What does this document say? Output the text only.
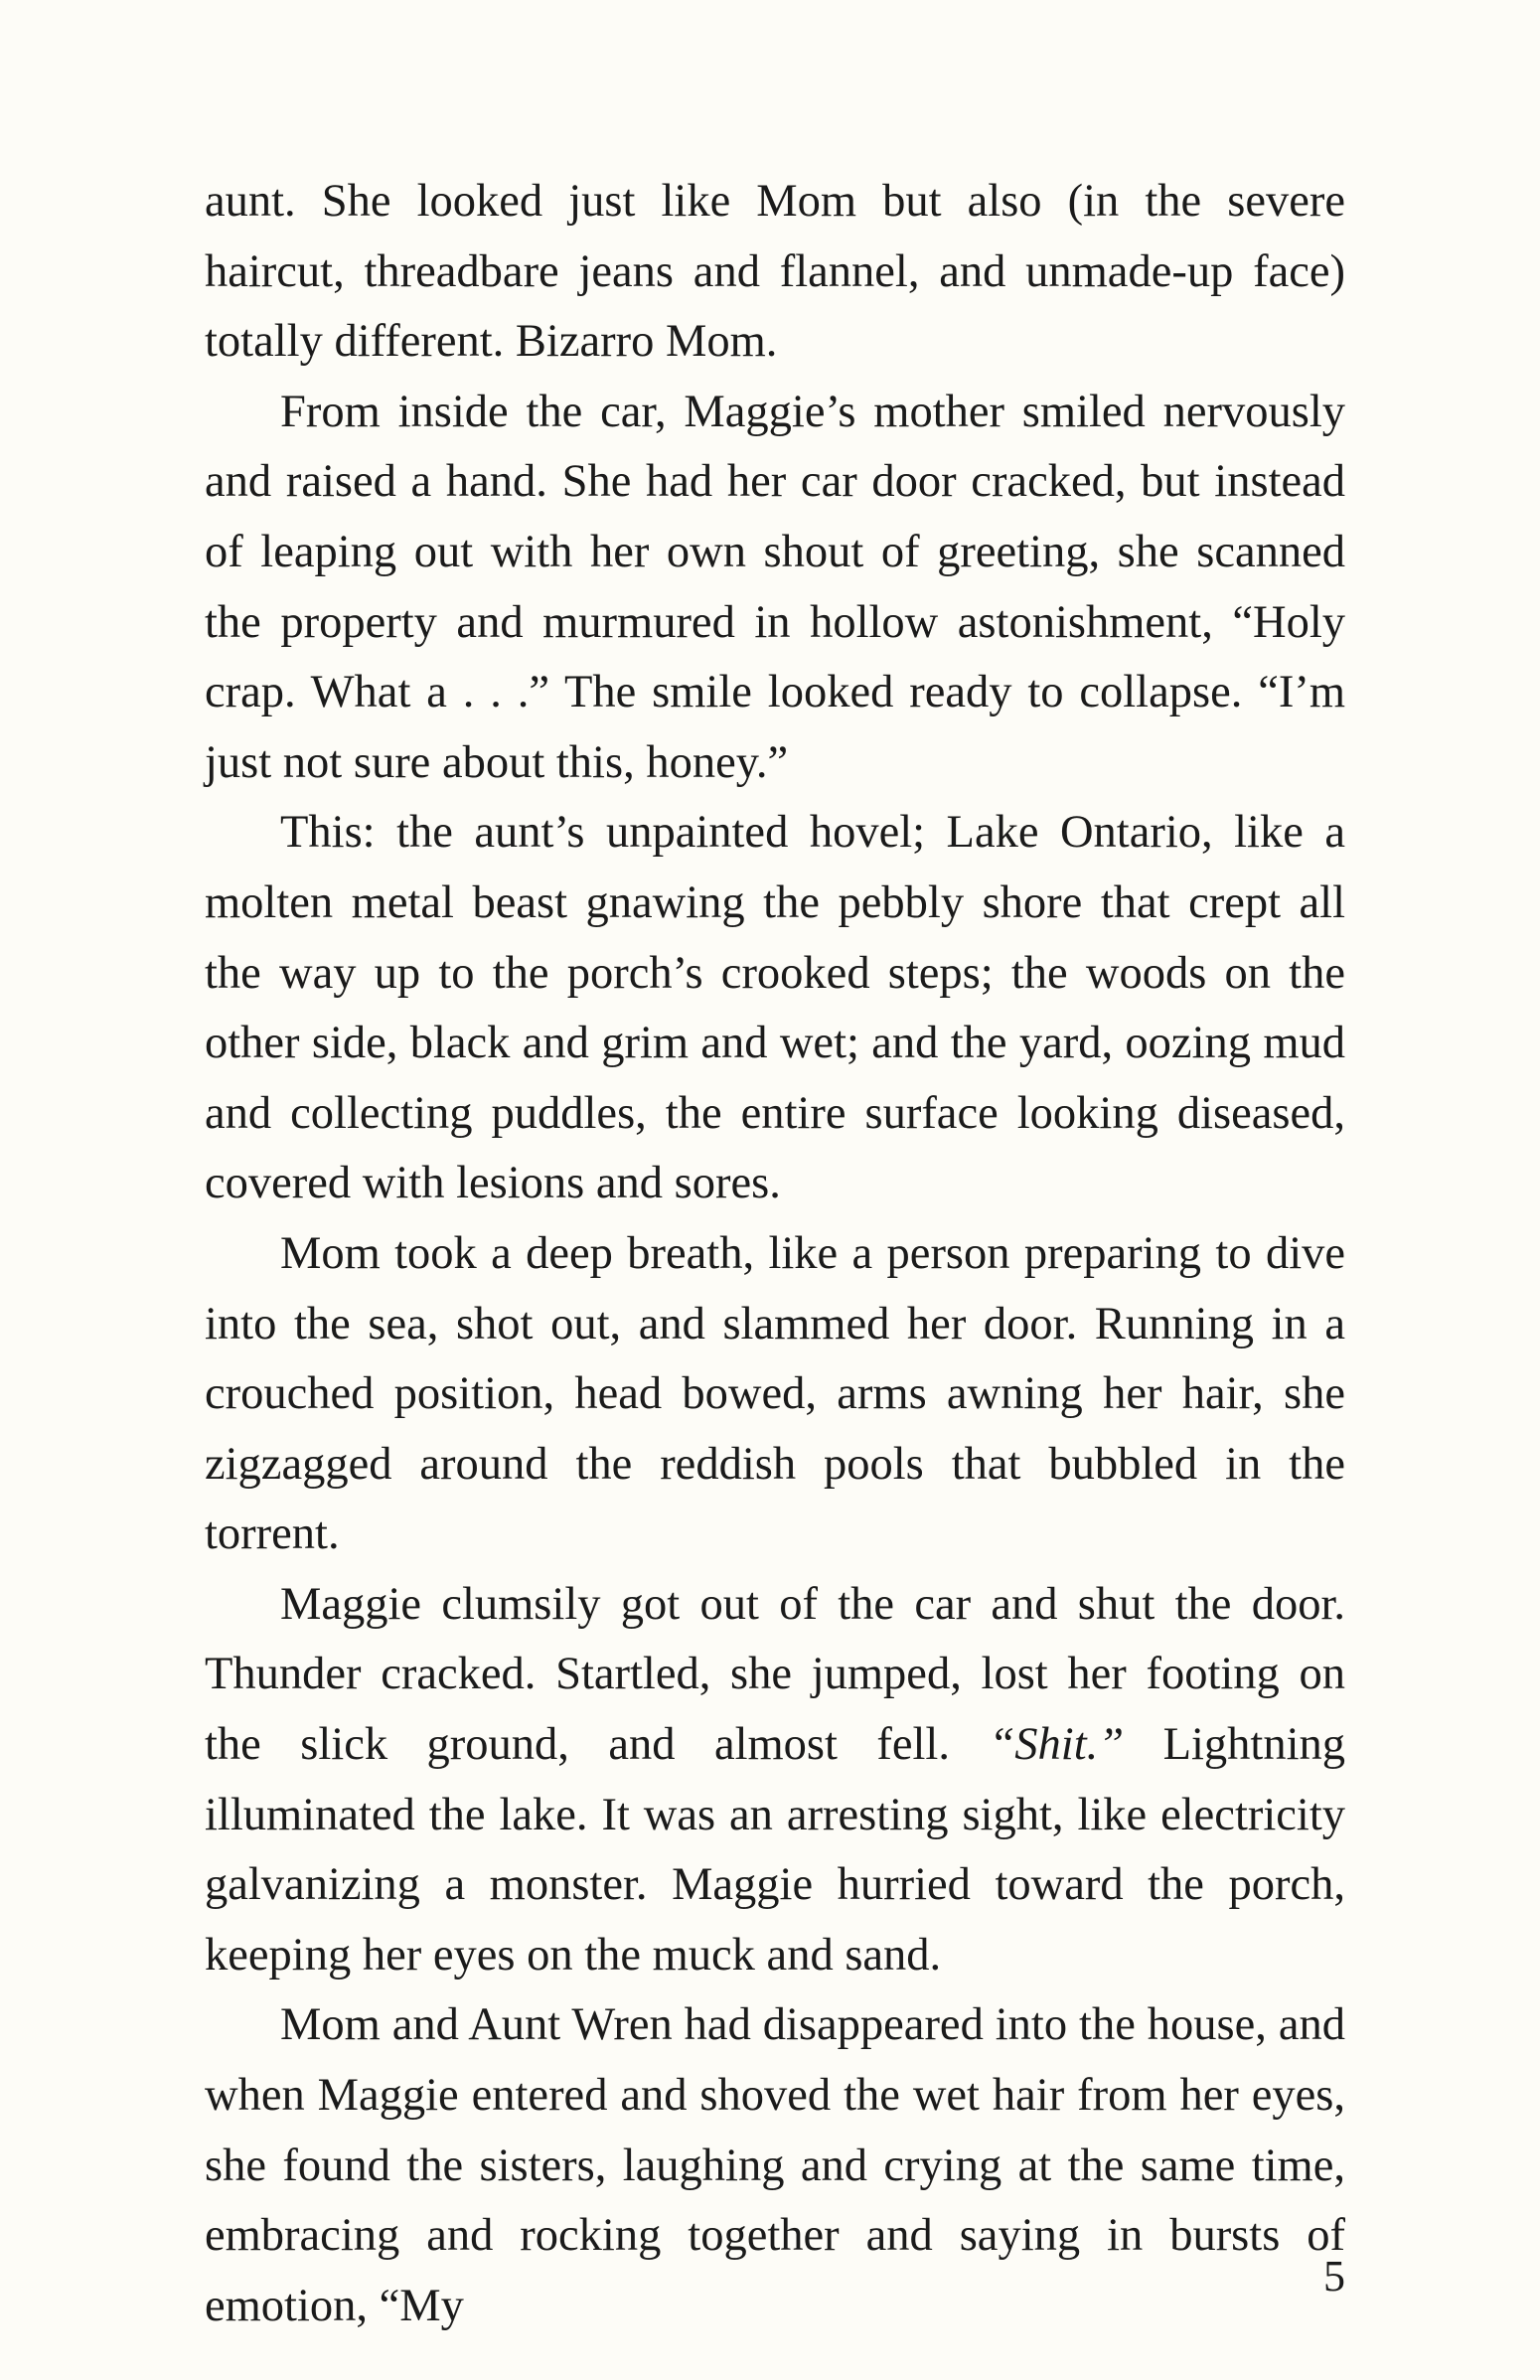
aunt. She looked just like Mom but also (in the severe haircut, threadbare jeans and flannel, and unmade-up face) totally different. Bizarro Mom.

From inside the car, Maggie’s mother smiled nervously and raised a hand. She had her car door cracked, but instead of leaping out with her own shout of greeting, she scanned the property and murmured in hollow astonishment, “Holy crap. What a . . .” The smile looked ready to collapse. “I’m just not sure about this, honey.”

This: the aunt’s unpainted hovel; Lake Ontario, like a molten metal beast gnawing the pebbly shore that crept all the way up to the porch’s crooked steps; the woods on the other side, black and grim and wet; and the yard, oozing mud and collecting puddles, the entire surface looking diseased, covered with lesions and sores.

Mom took a deep breath, like a person preparing to dive into the sea, shot out, and slammed her door. Running in a crouched position, head bowed, arms awning her hair, she zigzagged around the reddish pools that bubbled in the torrent.

Maggie clumsily got out of the car and shut the door. Thunder cracked. Startled, she jumped, lost her footing on the slick ground, and almost fell. “Shit.” Lightning illuminated the lake. It was an arresting sight, like electricity galvanizing a monster. Maggie hurried toward the porch, keeping her eyes on the muck and sand.

Mom and Aunt Wren had disappeared into the house, and when Maggie entered and shoved the wet hair from her eyes, she found the sisters, laughing and crying at the same time, embracing and rocking together and saying in bursts of emotion, “My

5
